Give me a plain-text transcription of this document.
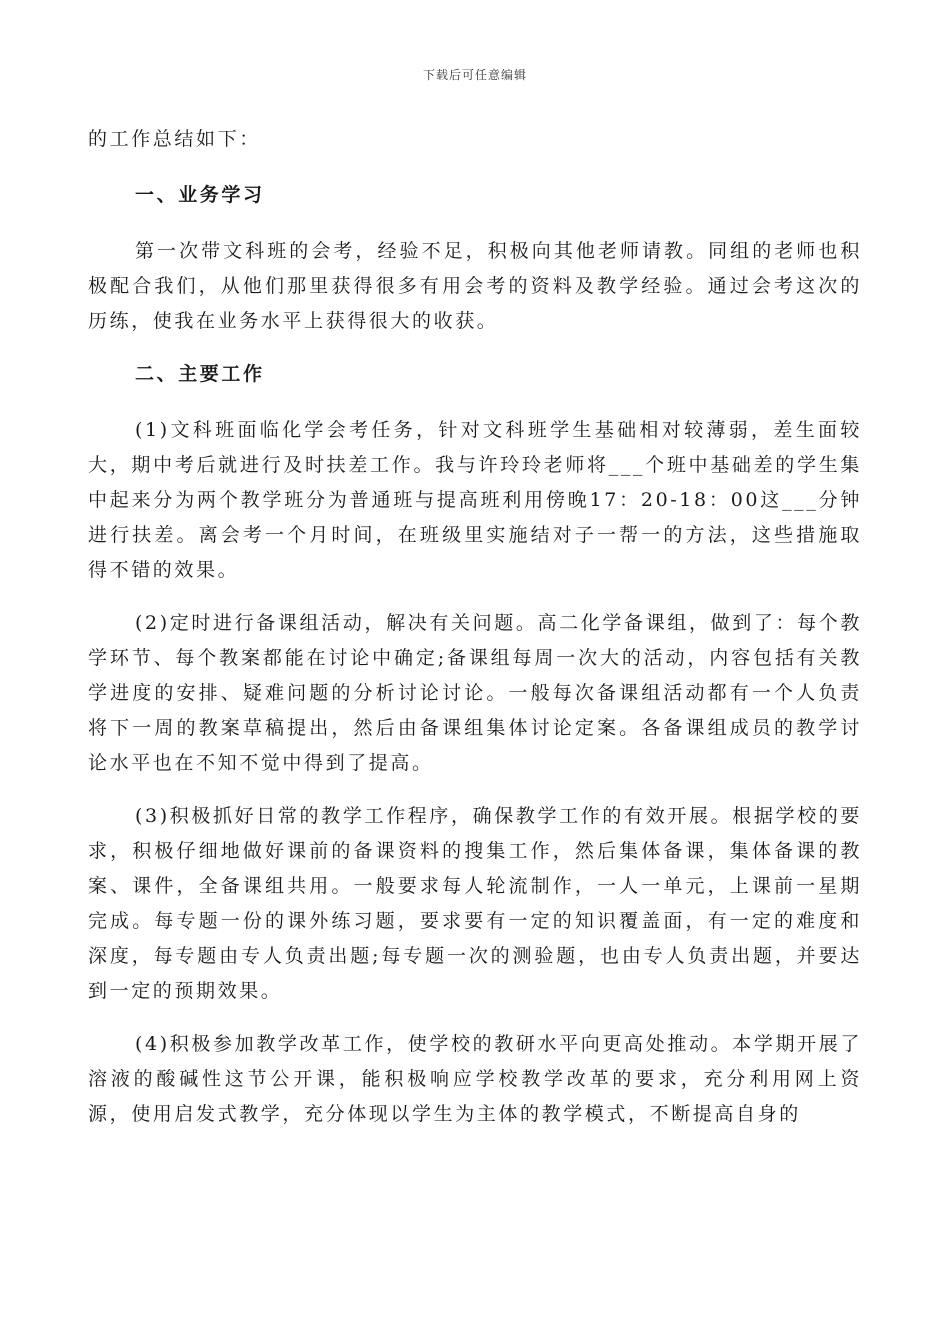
下载后可任意编辑

的工作总结如下：

一、业务学习

第一次带文科班的会考，经验不足，积极向其他老师请教。同组的老师也积极配合我们，从他们那里获得很多有用会考的资料及教学经验。通过会考这次的历练，使我在业务水平上获得很大的收获。

二、主要工作

(1)文科班面临化学会考任务，针对文科班学生基础相对较薄弱，差生面较大，期中考后就进行及时扶差工作。我与许玲玲老师将___个班中基础差的学生集中起来分为两个教学班分为普通班与提高班利用傍晚17：20-18：00这___分钟进行扶差。离会考一个月时间，在班级里实施结对子一帮一的方法，这些措施取得不错的效果。

(2)定时进行备课组活动，解决有关问题。高二化学备课组，做到了：每个教学环节、每个教案都能在讨论中确定;备课组每周一次大的活动，内容包括有关教学进度的安排、疑难问题的分析讨论讨论。一般每次备课组活动都有一个人负责将下一周的教案草稿提出，然后由备课组集体讨论定案。各备课组成员的教学讨论水平也在不知不觉中得到了提高。

(3)积极抓好日常的教学工作程序，确保教学工作的有效开展。根据学校的要求，积极仔细地做好课前的备课资料的搜集工作，然后集体备课，集体备课的教案、课件，全备课组共用。一般要求每人轮流制作，一人一单元，上课前一星期完成。每专题一份的课外练习题，要求要有一定的知识覆盖面，有一定的难度和深度，每专题由专人负责出题;每专题一次的测验题，也由专人负责出题，并要达到一定的预期效果。

(4)积极参加教学改革工作，使学校的教研水平向更高处推动。本学期开展了溶液的酸碱性这节公开课，能积极响应学校教学改革的要求，充分利用网上资源，使用启发式教学，充分体现以学生为主体的教学模式，不断提高自身的
